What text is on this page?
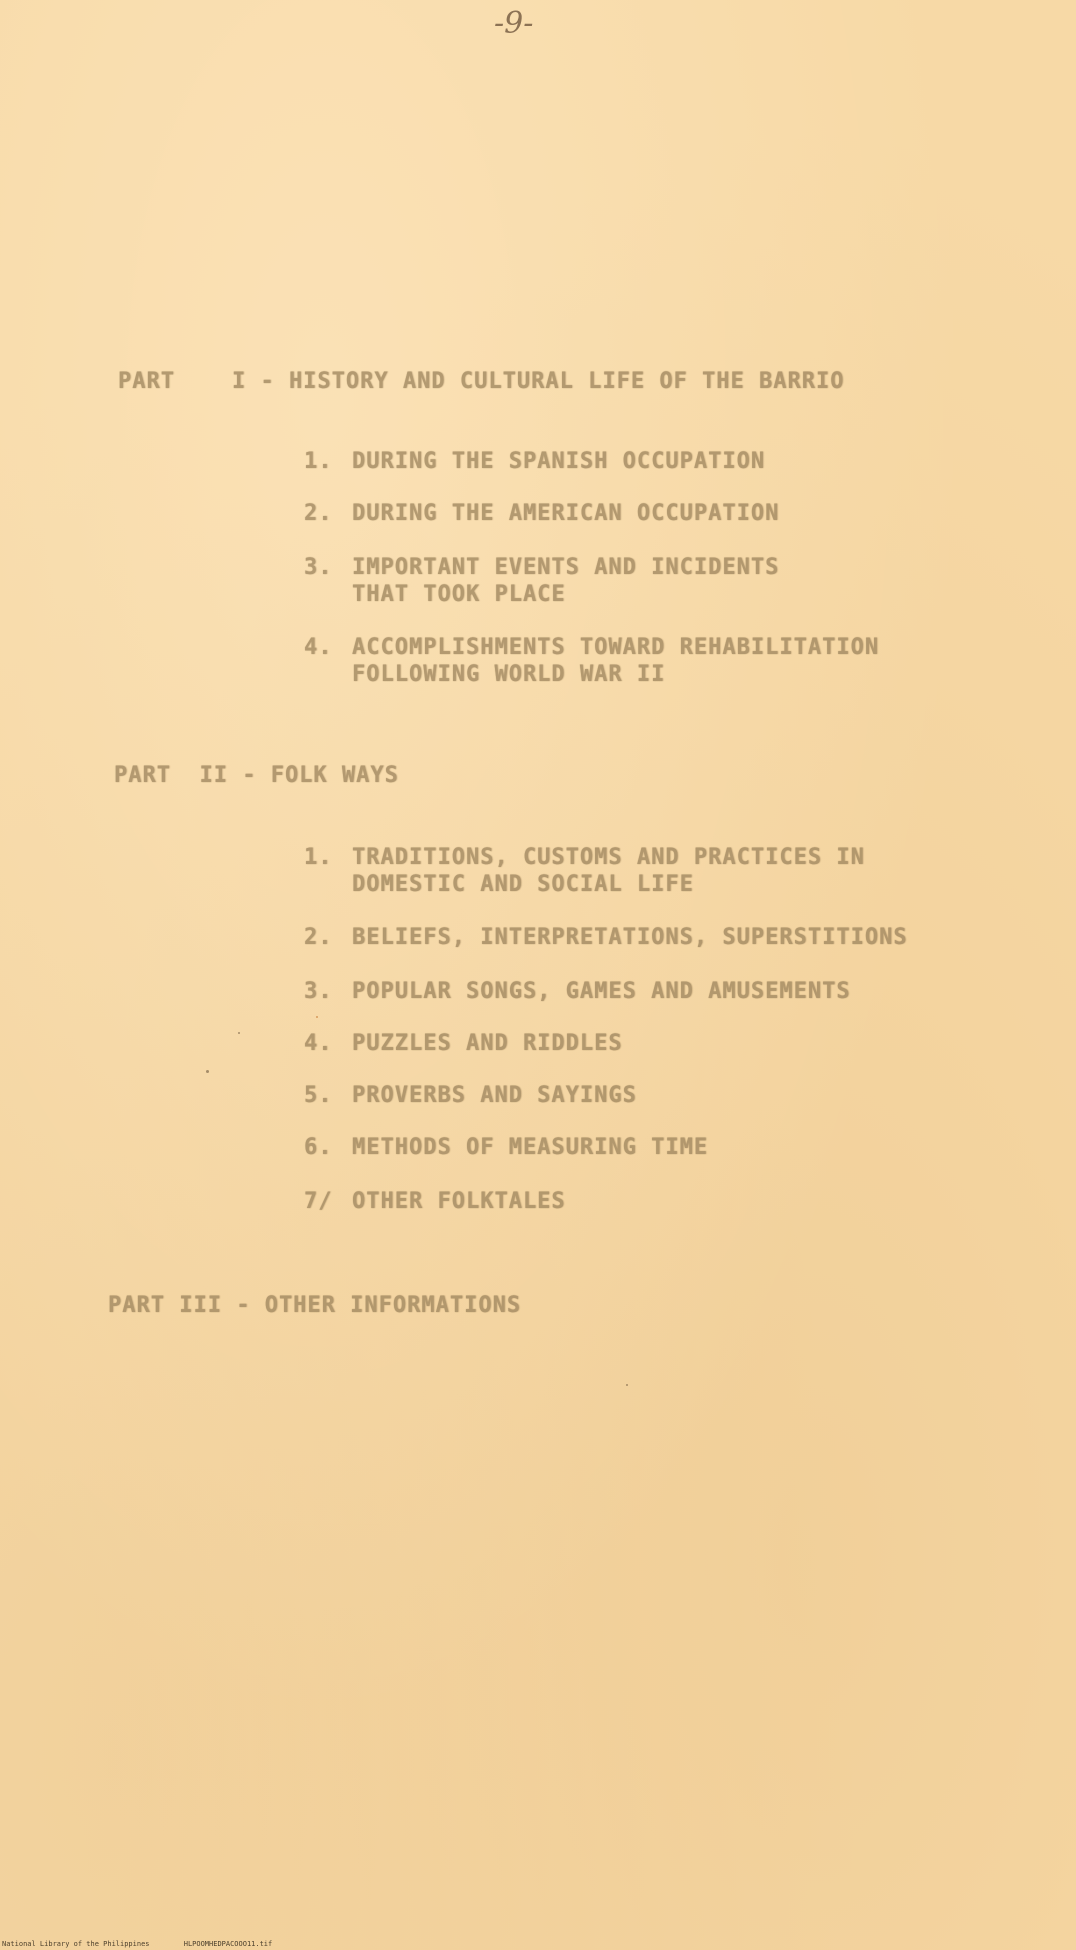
-9-
PART    I - HISTORY AND CULTURAL LIFE OF THE BARRIO
1. DURING THE SPANISH OCCUPATION
2. DURING THE AMERICAN OCCUPATION
3. IMPORTANT EVENTS AND INCIDENTS
THAT TOOK PLACE
4. ACCOMPLISHMENTS TOWARD REHABILITATION
FOLLOWING WORLD WAR II
PART  II - FOLK WAYS
1. TRADITIONS, CUSTOMS AND PRACTICES IN
DOMESTIC AND SOCIAL LIFE
2. BELIEFS, INTERPRETATIONS, SUPERSTITIONS
3. POPULAR SONGS, GAMES AND AMUSEMENTS
4. PUZZLES AND RIDDLES
5. PROVERBS AND SAYINGS
6. METHODS OF MEASURING TIME
7/ OTHER FOLKTALES
PART III - OTHER INFORMATIONS
National Library of the Philippines	HLPOOMHEDPACOOO11.tif
